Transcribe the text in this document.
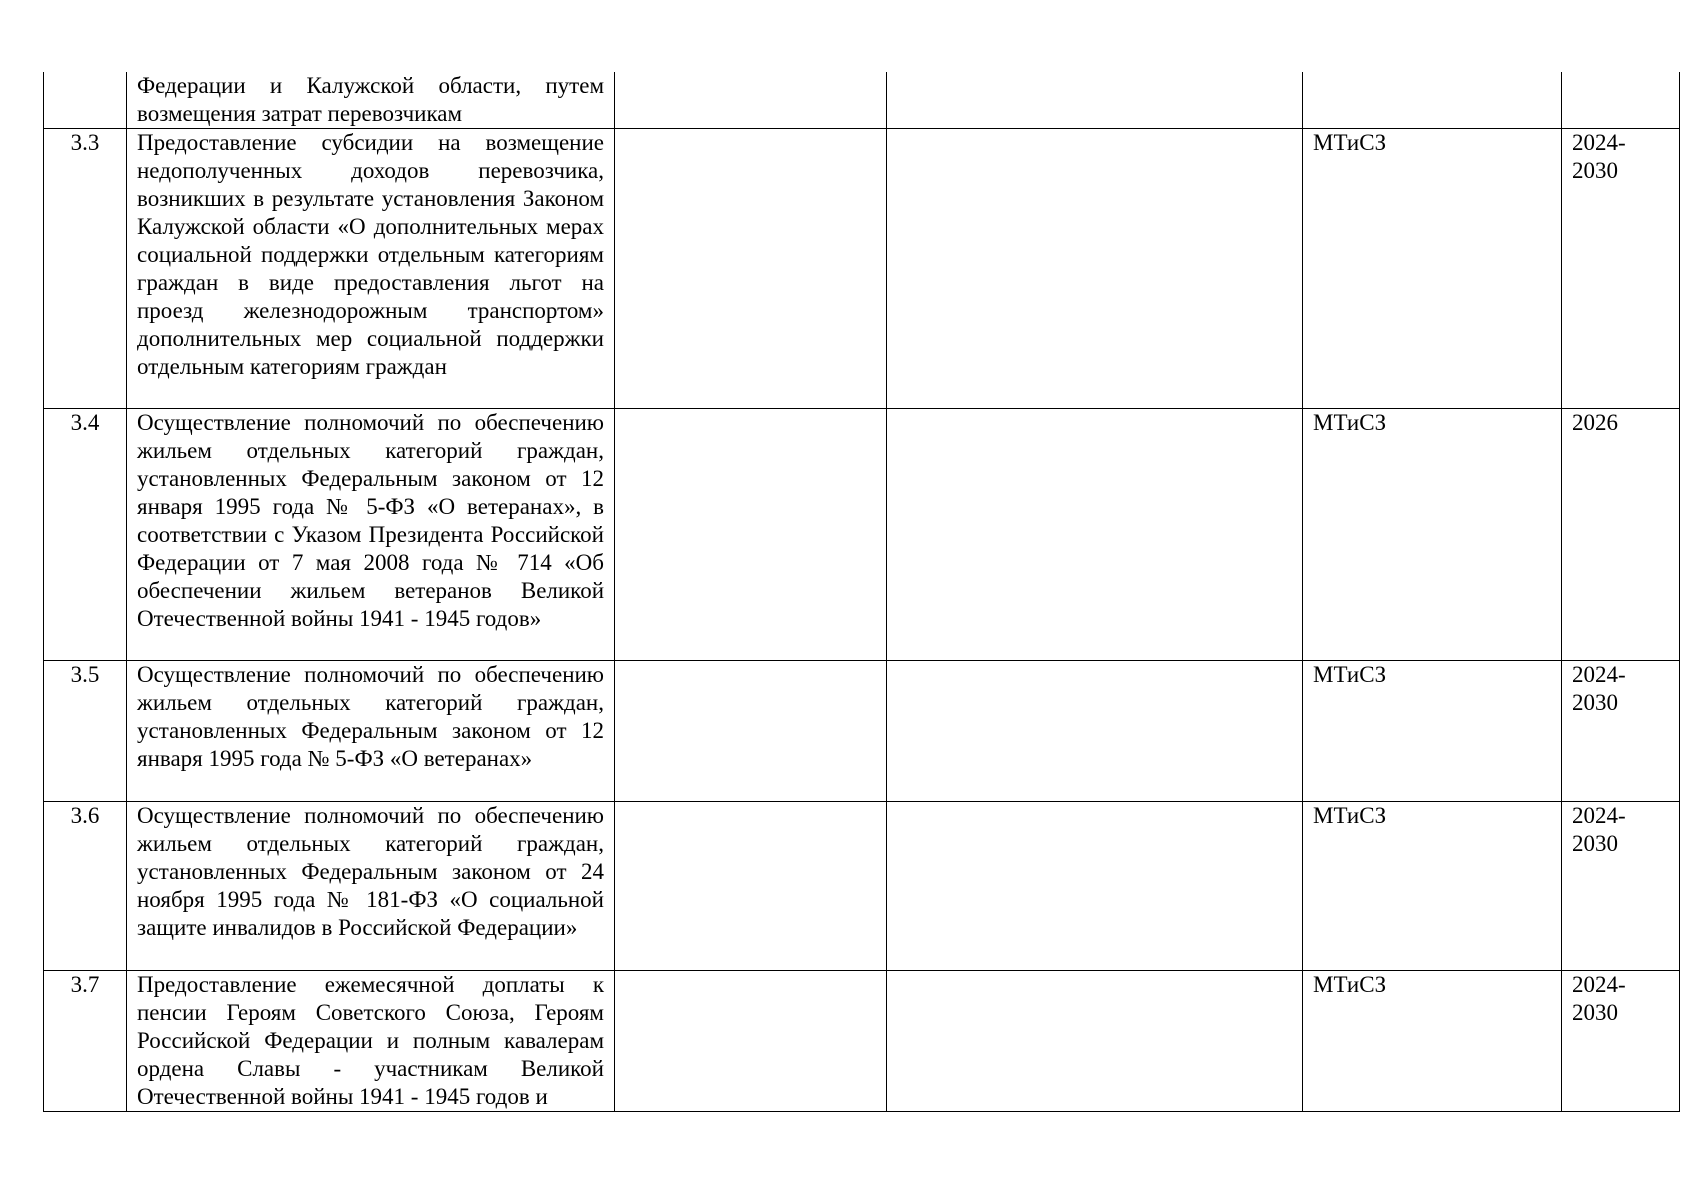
	Федерации и Калужской области, путем возмещения затрат перевозчикам				
3.3	Предоставление субсидии на возмещение недополученных доходов перевозчика, возникших в результате установления Законом Калужской области «О дополнительных мерах социальной поддержки отдельным категориям граждан в виде предоставления льгот на проезд железнодорожным транспортом» дополнительных мер социальной поддержки отдельным категориям граждан			МТиСЗ	2024-2030
3.4	Осуществление полномочий по обеспечению жильем отдельных категорий граждан, установленных Федеральным законом от 12 января 1995 года № 5-ФЗ «О ветеранах», в соответствии с Указом Президента Российской Федерации от 7 мая 2008 года № 714 «Об обеспечении жильем ветеранов Великой Отечественной войны 1941 - 1945 годов»			МТиСЗ	2026
3.5	Осуществление полномочий по обеспечению жильем отдельных категорий граждан, установленных Федеральным законом от 12 января 1995 года № 5-ФЗ «О ветеранах»			МТиСЗ	2024-2030
3.6	Осуществление полномочий по обеспечению жильем отдельных категорий граждан, установленных Федеральным законом от 24 ноября 1995 года № 181-ФЗ «О социальной защите инвалидов в Российской Федерации»			МТиСЗ	2024-2030
3.7	Предоставление ежемесячной доплаты к пенсии Героям Советского Союза, Героям Российской Федерации и полным кавалерам ордена Славы - участникам Великой Отечественной войны 1941 - 1945 годов и			МТиСЗ	2024-2030
